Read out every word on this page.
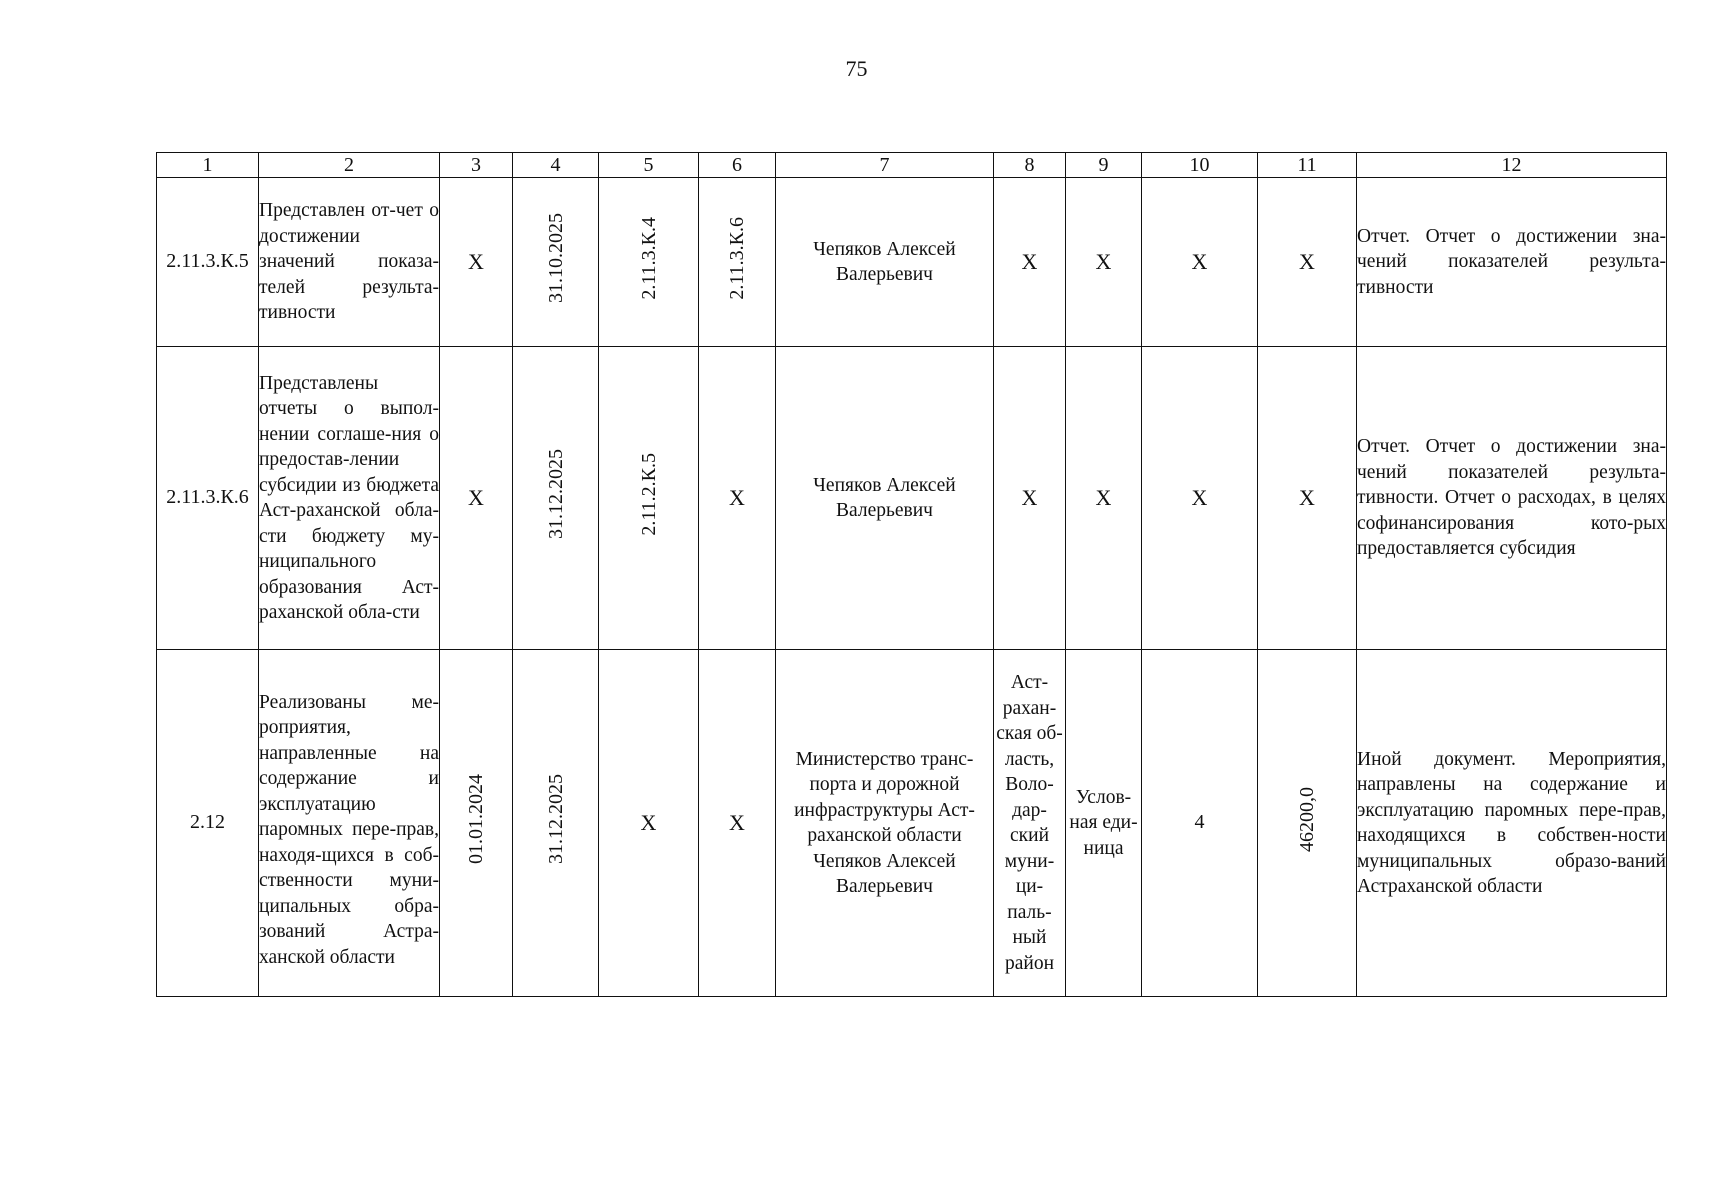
75
1	2	3	4	5	6	7	8	9	10	11	12
2.11.3.К.5	Представлен от-чет о достижении значений показа-телей результа-тивности	Х	31.10.2025	2.11.3.К.4	2.11.3.К.6	Чепяков Алексей Валерьевич	Х	Х	Х	Х	Отчет. Отчет о достижении зна-чений показателей результа-тивности
2.11.3.К.6	Представлены отчеты о выпол-нении соглаше-ния о предостав-лении субсидии из бюджета Аст-раханской обла-сти бюджету му-ниципального образования Аст-раханской обла-сти	Х	31.12.2025	2.11.2.К.5	Х	Чепяков Алексей Валерьевич	Х	Х	Х	Х	Отчет. Отчет о достижении зна-чений показателей результа-тивности. Отчет о расходах, в целях софинансирования кото-рых предоставляется субсидия
2.12	Реализованы ме-роприятия, направленные на содержание и эксплуатацию паромных пере-прав, находя-щихся в соб-ственности муни-ципальных обра-зований Астра-ханской области	01.01.2024	31.12.2025	Х	Х	Министерство транс-порта и дорожной инфраструктуры Аст-раханской области Чепяков Алексей Валерьевич	Аст-рахан-ская об-ласть, Воло-дар-ский муни-ци-паль-ный район	Услов-ная еди-ница	4	46200,0	Иной документ. Мероприятия, направлены на содержание и эксплуатацию паромных пере-прав, находящихся в собствен-ности муниципальных образо-ваний Астраханской области
